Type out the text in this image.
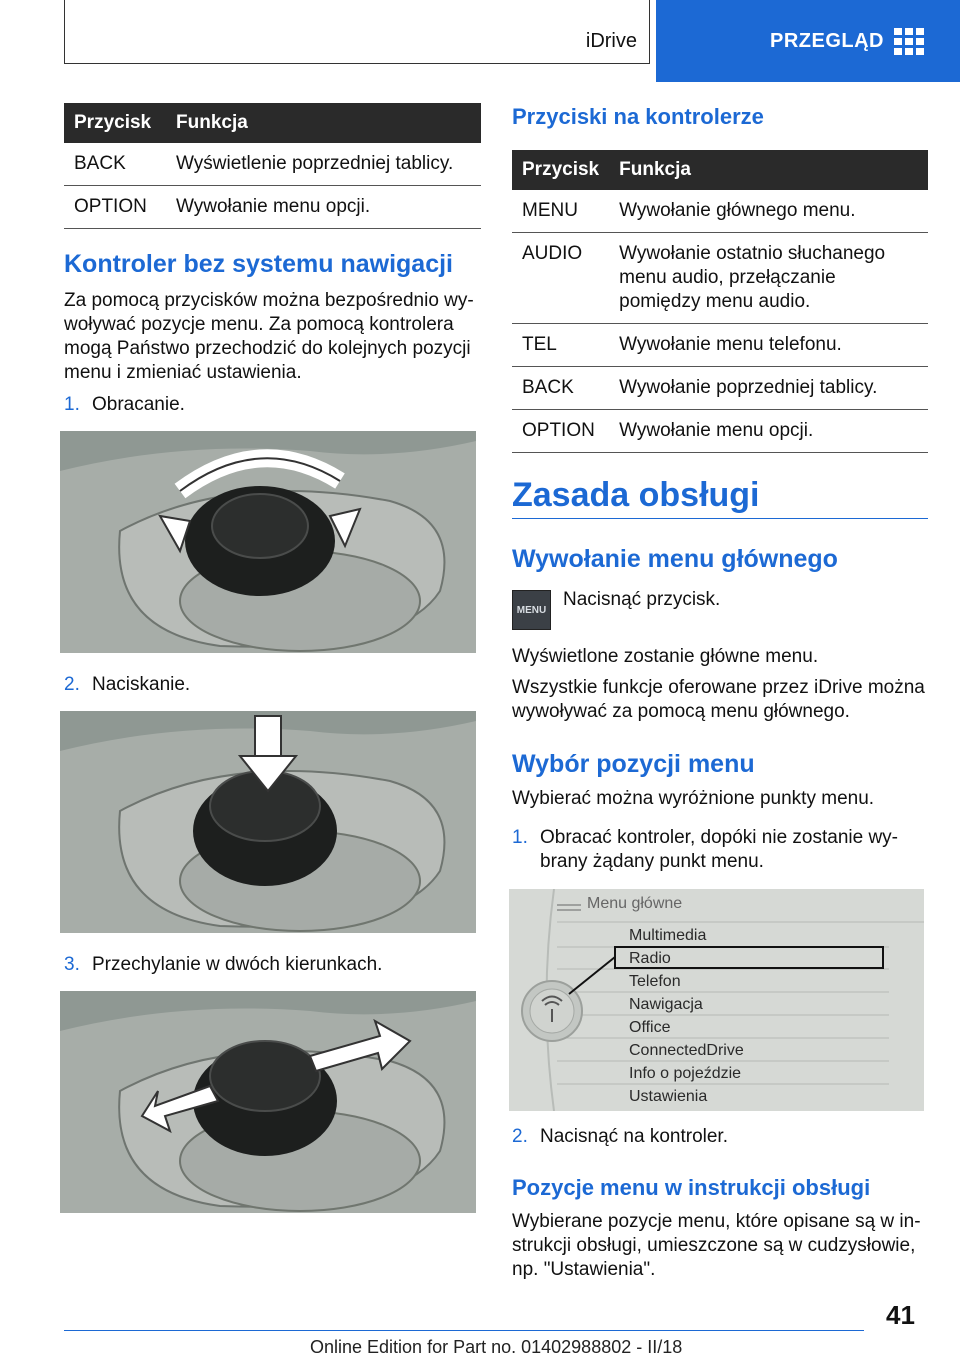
iDrive	PRZEGLĄD
Przycisk	Funkcja
BACK	Wyświetlenie poprzedniej tablicy.
OPTION	Wywołanie menu opcji.
Kontroler bez systemu nawigacji

Za pomocą przycisków można bezpośrednio wy-
woływać pozycje menu. Za pomocą kontrolera
mogą Państwo przechodzić do kolejnych pozycji
menu i zmieniać ustawienia.

1. Obracanie.

2. Naciskanie.

3. Przechylanie w dwóch kierunkach.

Przyciski na kontrolerze
Przycisk	Funkcja
MENU	Wywołanie głównego menu.
AUDIO	Wywołanie ostatnio słuchanego menu audio, przełączanie pomiędzy menu audio.
TEL	Wywołanie menu telefonu.
BACK	Wywołanie poprzedniej tablicy.
OPTION	Wywołanie menu opcji.
Zasada obsługi
Wywołanie menu głównego
MENU

Nacisnąć przycisk.

Wyświetlone zostanie główne menu.

Wszystkie funkcje oferowane przez iDrive można
wywoływać za pomocą menu głównego.

Wybór pozycji menu

Wybierać można wyróżnione punkty menu.

1. Obracać kontroler, dopóki nie zostanie wy-
brany żądany punkt menu.

Menu główne
Multimedia
Radio
Telefon
Nawigacja
Office
ConnectedDrive
Info o pojeździe
Ustawienia

2. Nacisnąć na kontroler.

Pozycje menu w instrukcji obsługi

Wybierane pozycje menu, które opisane są w in-
strukcji obsługi, umieszczone są w cudzysłowie,
np. "Ustawienia".

41
Online Edition for Part no. 01402988802 - II/18
